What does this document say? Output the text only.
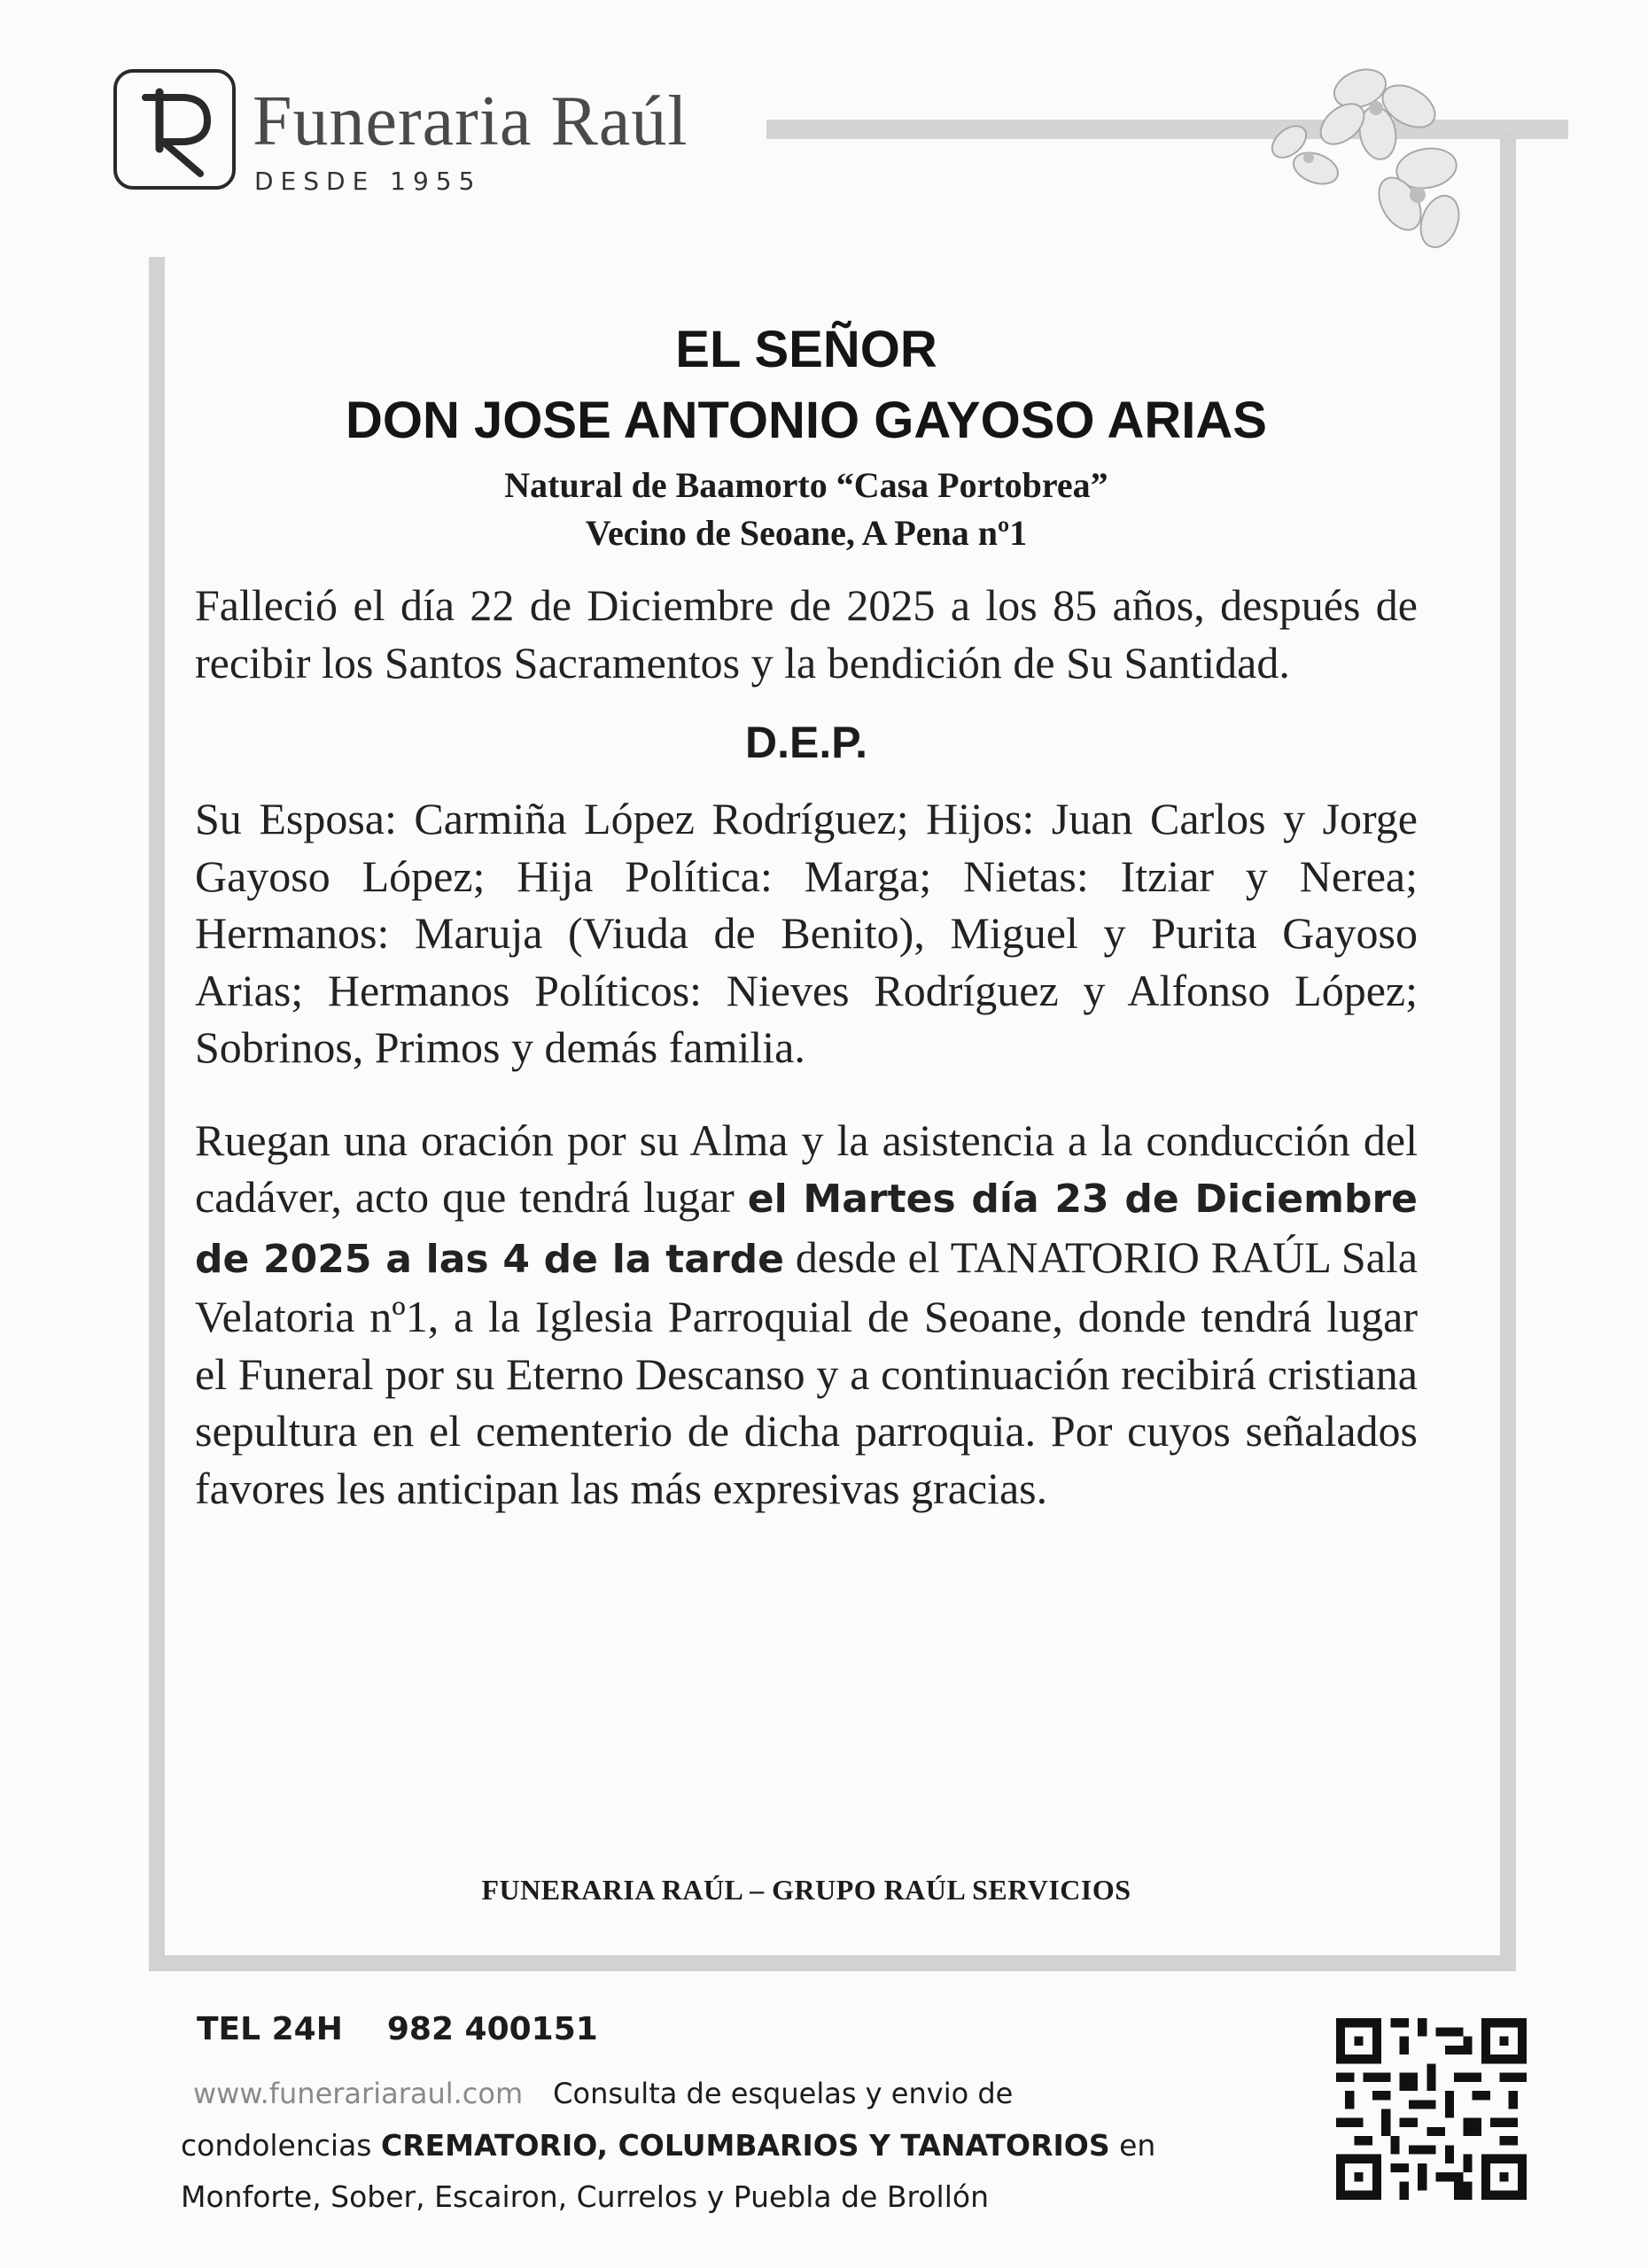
Funeraria Raúl
DESDE 1955
EL SEÑOR
DON JOSE ANTONIO GAYOSO ARIAS

Natural de Baamorto “Casa Portobrea”

Vecino de Seoane, A Pena nº1

Falleció el día 22 de Diciembre de 2025 a los 85 años, después de recibir los Santos Sacramentos y la bendición de Su Santidad.

D.E.P.

Su Esposa: Carmiña López Rodríguez; Hijos: Juan Carlos y Jorge Gayoso López; Hija Política: Marga; Nietas: Itziar y Nerea; Hermanos: Maruja (Viuda de Benito), Miguel y Purita Gayoso Arias; Hermanos Políticos: Nieves Rodríguez y Alfonso López; Sobrinos, Primos y demás familia.

Ruegan una oración por su Alma y la asistencia a la conducción del cadáver, acto que tendrá lugar el Martes día 23 de Diciembre de 2025 a las 4 de la tarde desde el TANATORIO RAÚL Sala Velatoria nº1, a la Iglesia Parroquial de Seoane, donde tendrá lugar el Funeral por su Eterno Descanso y a continuación recibirá cristiana sepultura en el cementerio de dicha parroquia. Por cuyos señalados favores les anticipan las más expresivas gracias.

FUNERARIA RAÚL – GRUPO RAÚL SERVICIOS
TEL 24H 982 400151
www.funerariaraul.com Consulta de esquelas y envio de
condolencias CREMATORIO, COLUMBARIOS Y TANATORIOS en
Monforte, Sober, Escairon, Currelos y Puebla de Brollón
